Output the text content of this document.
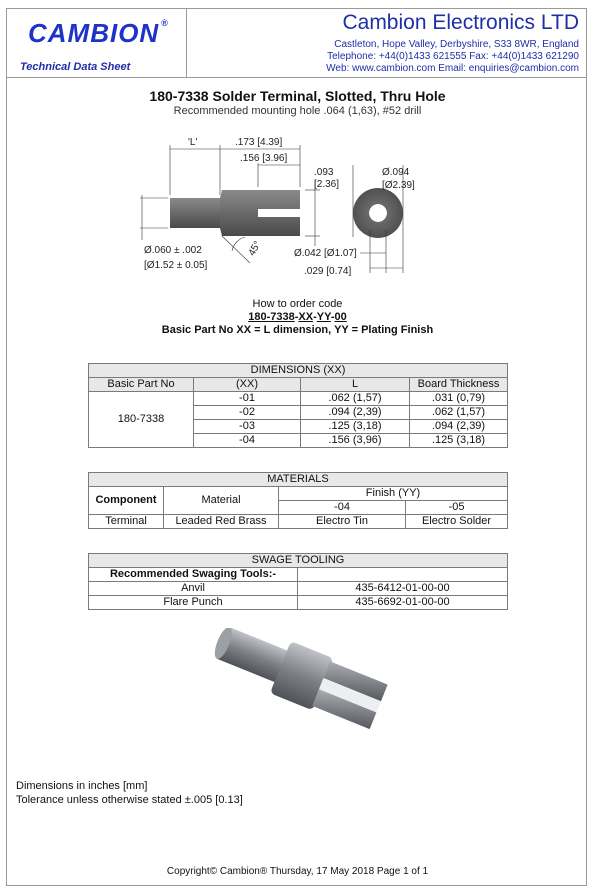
CAMBION ®
Technical Data Sheet
Cambion Electronics LTD
Castleton, Hope Valley, Derbyshire, S33 8WR, England
Telephone: +44(0)1433 621555 Fax: +44(0)1433 621290
Web: www.cambion.com Email: enquiries@cambion.com
180-7338 Solder Terminal, Slotted, Thru Hole
Recommended mounting hole .064 (1,63), #52 drill
'L'	.173 [4.39]
.156 [3.96]
.093
[2.36]
Ø.060 ± .002
[Ø1.52 ± 0.05]
45°
Ø.094
[Ø2.39]
Ø.042 [Ø1.07]
.029 [0.74]
How to order code
180-7338-XX-YY-00
Basic Part No XX = L dimension, YY = Plating Finish
DIMENSIONS (XX)			
Basic Part No	(XX)	L	Board Thickness
180-7338	-01	.062 (1,57)	.031 (0,79)
	-02	.094 (2,39)	.062 (1,57)
	-03	.125 (3,18)	.094 (2,39)
	-04	.156 (3,96)	.125 (3,18)
MATERIALS			
Component	Material	Finish (YY)	
		-04	-05
Terminal	Leaded Red Brass	Electro Tin	Electro Solder
SWAGE TOOLING	
Recommended Swaging Tools:-	
Anvil	435-6412-01-00-00
Flare Punch	435-6692-01-00-00
Dimensions in inches [mm]
Tolerance unless otherwise stated ±.005 [0.13]
Copyright© Cambion® Thursday, 17 May 2018 Page 1 of 1
